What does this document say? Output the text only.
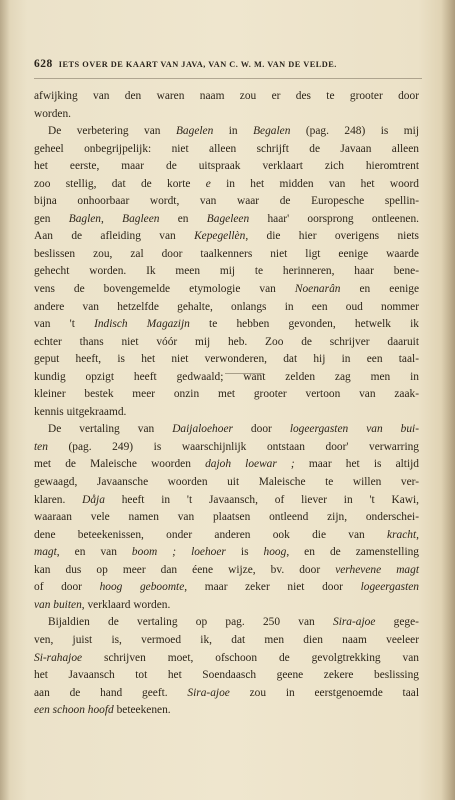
628 IETS OVER DE KAART VAN JAVA, VAN C. W. M. VAN DE VELDE.
afwijking van den waren naam zou er des te grooter door
worden.
De verbetering van Bagelen in Begalen (pag. 248) is mij
geheel onbegrijpelijk: niet alleen schrijft de Javaan alleen
het eerste, maar de uitspraak verklaart zich hieromtrent
zoo stellig, dat de korte e in het midden van het woord
bijna onhoorbaar wordt, van waar de Europesche spellin-
gen Baglen, Bagleen en Bageleen haar' oorsprong ontleenen.
Aan de afleiding van Kepegellèn, die hier overigens niets
beslissen zou, zal door taalkenners niet ligt eenige waarde
gehecht worden. Ik meen mij te herinneren, haar bene-
vens de bovengemelde etymologie van Noenarân en eenige
andere van hetzelfde gehalte, onlangs in een oud nommer
van 't Indisch Magazijn te hebben gevonden, hetwelk ik
echter thans niet vóór mij heb. Zoo de schrijver daaruit
geput heeft, is het niet verwonderen, dat hij in een taal-
kundig opzigt heeft gedwaald; want zelden zag men in
kleiner bestek meer onzin met grooter vertoon van zaak-
kennis uitgekraamd.
De vertaling van Daijaloehoer door logeergasten van bui-
ten (pag. 249) is waarschijnlijk ontstaan door' verwarring
met de Maleische woorden dajoh loewar ; maar het is altijd
gewaagd, Javaansche woorden uit Maleische te willen ver-
klaren. Dåja heeft in 't Javaansch, of liever in 't Kawi,
waaraan vele namen van plaatsen ontleend zijn, onderschei-
dene beteekenissen, onder anderen ook die van kracht,
magt, en van boom ; loehoer is hoog, en de zamenstelling
kan dus op meer dan éene wijze, bv. door verhevene magt
of door hoog geboomte, maar zeker niet door logeergasten
van buiten, verklaard worden.
Bijaldien de vertaling op pag. 250 van Sira-ajoe gege-
ven, juist is, vermoed ik, dat men dien naam veeleer
Si-rahajoe schrijven moet, ofschoon de gevolgtrekking van
het Javaansch tot het Soendaasch geene zekere beslissing
aan de hand geeft. Sira-ajoe zou in eerstgenoemde taal
een schoon hoofd beteekenen.
